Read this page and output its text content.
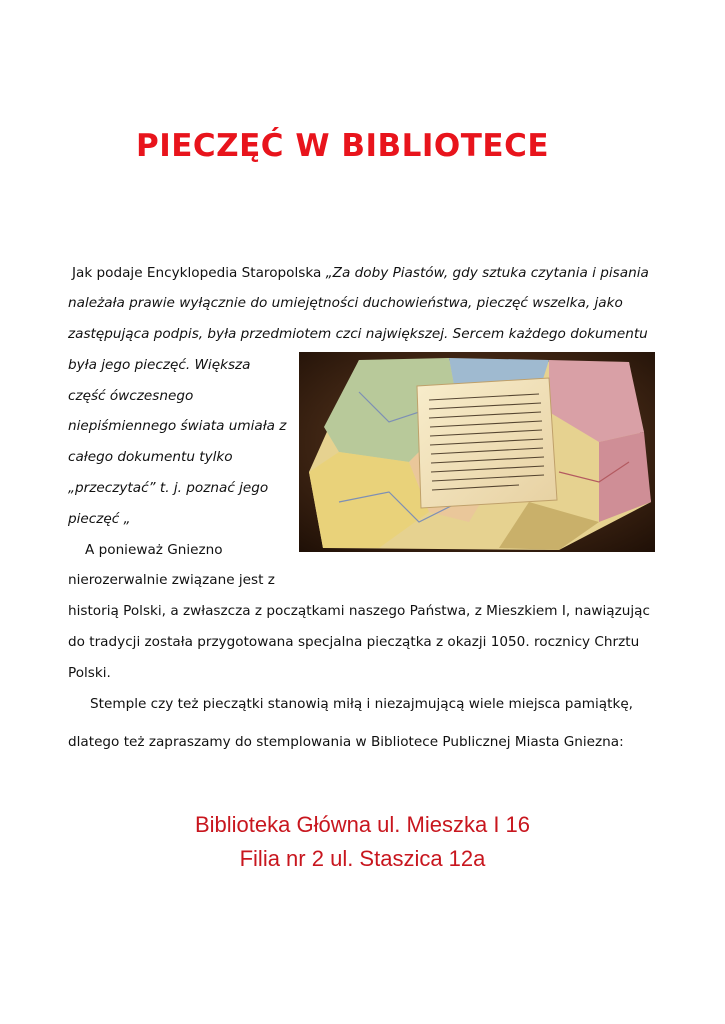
PIECZĘĆ W BIBLIOTECE
Jak podaje Encyklopedia Staropolska „Za doby Piastów, gdy sztuka czytania i pisania
należała prawie wyłącznie do umiejętności duchowieństwa, pieczęć wszelka, jako
zastępująca podpis, była przedmiotem czci największej. Sercem każdego dokumentu
była jego pieczęć. Większa
część ówczesnego
niepiśmiennego świata umiała z
całego dokumentu tylko
„przeczytać” t. j. poznać jego
pieczęć „
A ponieważ Gniezno
nierozerwalnie związane jest z
historią Polski, a zwłaszcza z początkami naszego Państwa, z Mieszkiem I, nawiązując
do tradycji została przygotowana specjalna pieczątka z okazji 1050. rocznicy Chrztu
Polski.
Stemple czy też pieczątki stanowią miłą i niezajmującą wiele miejsca pamiątkę,
dlatego też zapraszamy do stemplowania w Bibliotece Publicznej Miasta Gniezna:
Biblioteka Główna ul. Mieszka I 16
Filia nr 2 ul. Staszica 12a
